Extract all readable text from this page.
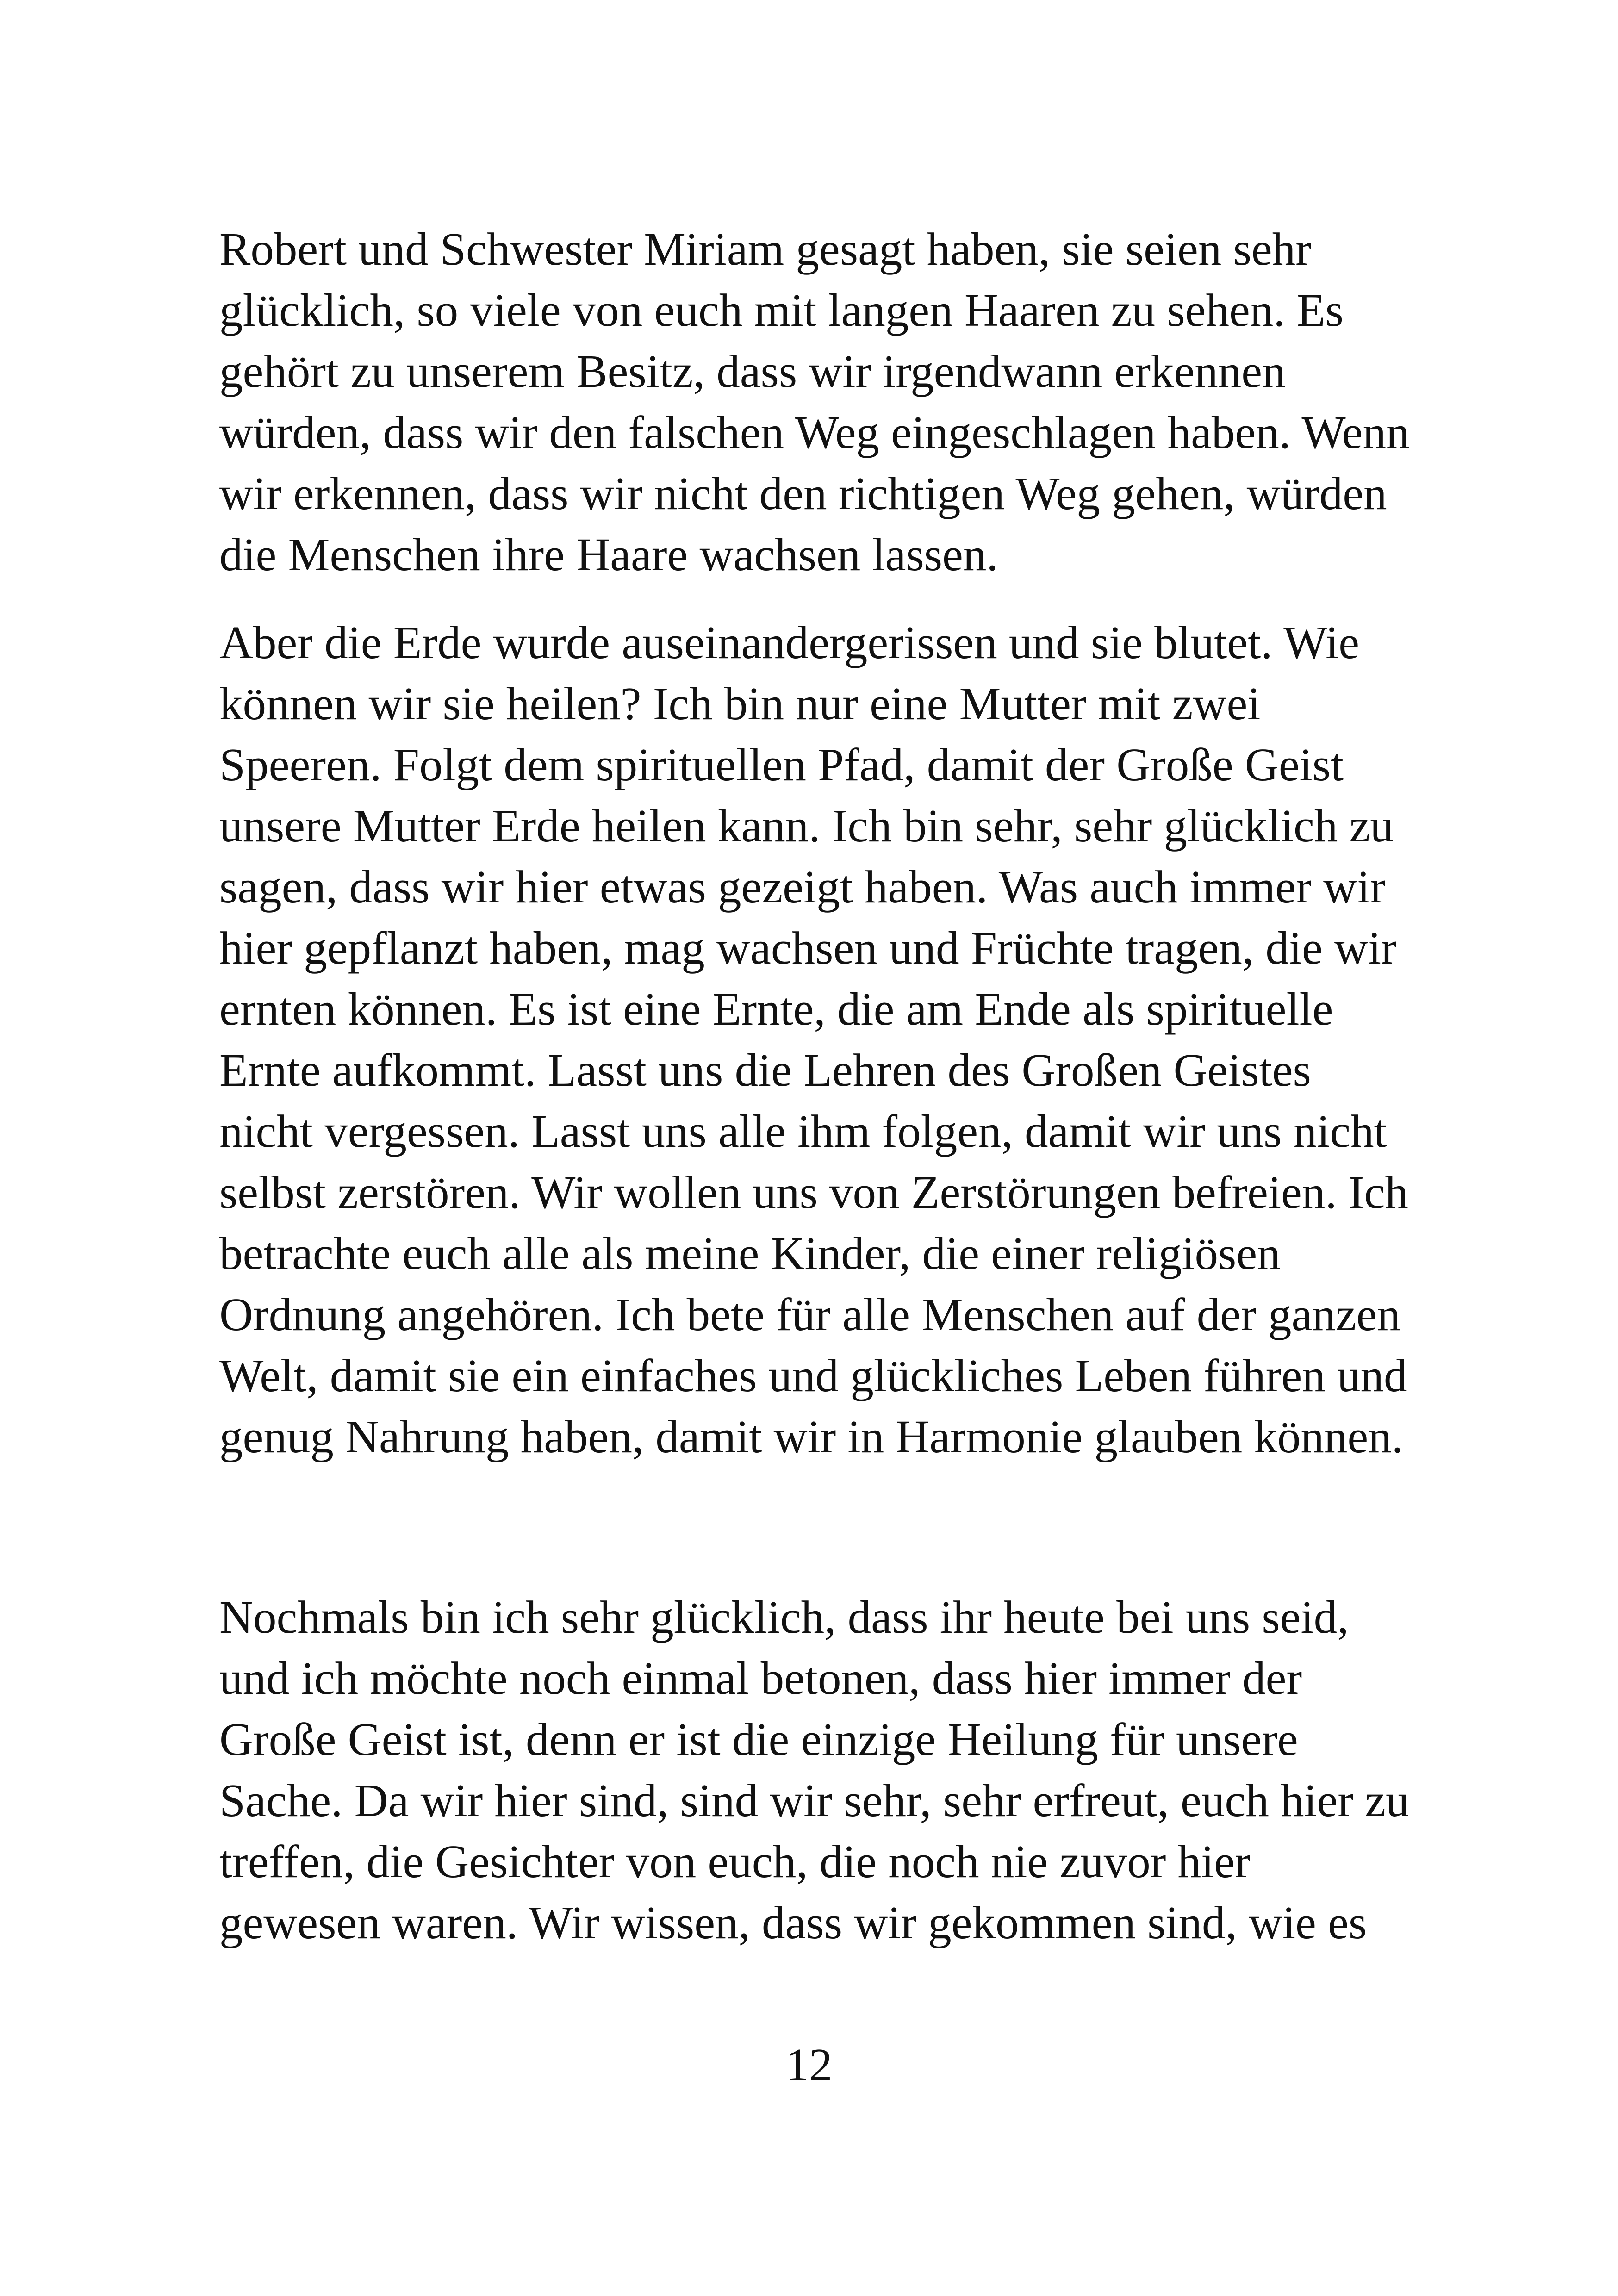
Robert und Schwester Miriam gesagt haben, sie seien sehr

glücklich, so viele von euch mit langen Haaren zu sehen. Es

gehört zu unserem Besitz, dass wir irgendwann erkennen

würden, dass wir den falschen Weg eingeschlagen haben. Wenn

wir erkennen, dass wir nicht den richtigen Weg gehen, würden

die Menschen ihre Haare wachsen lassen.

Aber die Erde wurde auseinandergerissen und sie blutet. Wie

können wir sie heilen? Ich bin nur eine Mutter mit zwei

Speeren. Folgt dem spirituellen Pfad, damit der Große Geist

unsere Mutter Erde heilen kann. Ich bin sehr, sehr glücklich zu

sagen, dass wir hier etwas gezeigt haben. Was auch immer wir

hier gepflanzt haben, mag wachsen und Früchte tragen, die wir

ernten können. Es ist eine Ernte, die am Ende als spirituelle

Ernte aufkommt. Lasst uns die Lehren des Großen Geistes

nicht vergessen. Lasst uns alle ihm folgen, damit wir uns nicht

selbst zerstören. Wir wollen uns von Zerstörungen befreien. Ich

betrachte euch alle als meine Kinder, die einer religiösen

Ordnung angehören. Ich bete für alle Menschen auf der ganzen

Welt, damit sie ein einfaches und glückliches Leben führen und

genug Nahrung haben, damit wir in Harmonie glauben können.

Nochmals bin ich sehr glücklich, dass ihr heute bei uns seid,

und ich möchte noch einmal betonen, dass hier immer der

Große Geist ist, denn er ist die einzige Heilung für unsere

Sache. Da wir hier sind, sind wir sehr, sehr erfreut, euch hier zu

treffen, die Gesichter von euch, die noch nie zuvor hier

gewesen waren. Wir wissen, dass wir gekommen sind, wie es

12
